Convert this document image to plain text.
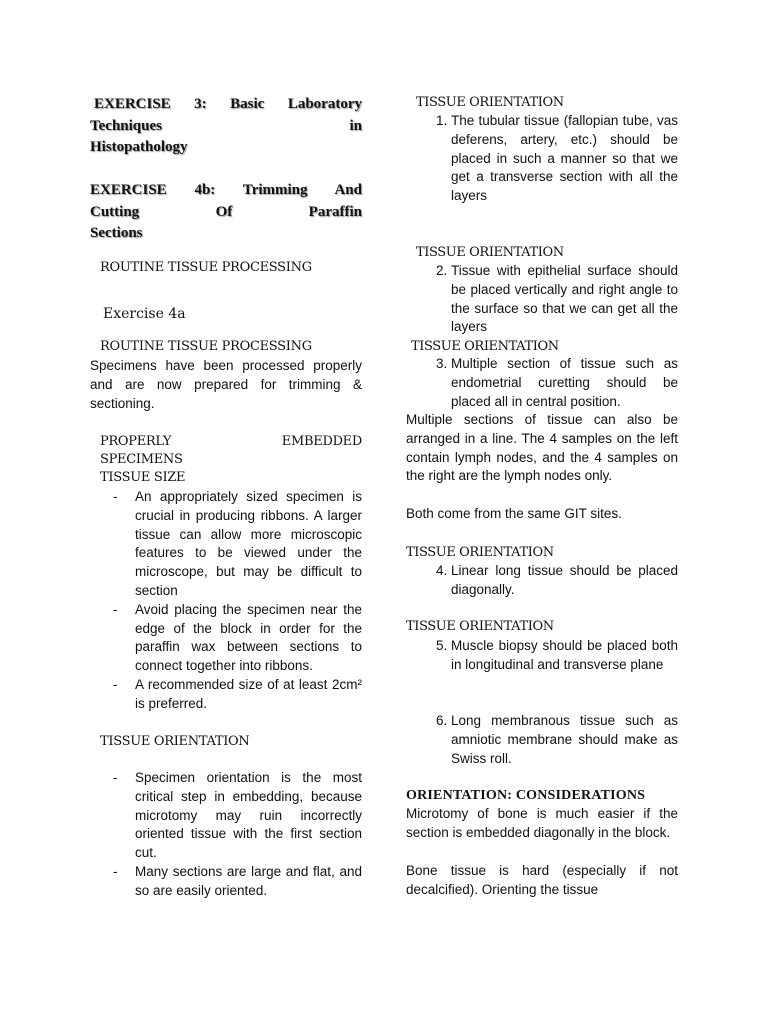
EXERCISE 3: Basic Laboratory
Techniques in
Histopathology
EXERCISE 4b: Trimming And
Cutting Of Paraffin
Sections
ROUTINE TISSUE PROCESSING
Exercise 4a
ROUTINE TISSUE PROCESSING
Specimens have been processed properly and are now prepared for trimming & sectioning.
PROPERLY	EMBEDDED
SPECIMENS
TISSUE SIZE
- An appropriately sized specimen is crucial in producing ribbons. A larger tissue can allow more microscopic features to be viewed under the microscope, but may be difficult to section
- Avoid placing the specimen near the edge of the block in order for the paraffin wax between sections to connect together into ribbons.
- A recommended size of at least 2cm² is preferred.
TISSUE ORIENTATION
- Specimen orientation is the most critical step in embedding, because microtomy may ruin incorrectly oriented tissue with the first section cut.
- Many sections are large and flat, and so are easily oriented.
TISSUE ORIENTATION
1. The tubular tissue (fallopian tube, vas deferens, artery, etc.) should be placed in such a manner so that we get a transverse section with all the layers
TISSUE ORIENTATION
2. Tissue with epithelial surface should be placed vertically and right angle to the surface so that we can get all the layers
TISSUE ORIENTATION
3. Multiple section of tissue such as endometrial curetting should be placed all in central position.
Multiple sections of tissue can also be arranged in a line. The 4 samples on the left contain lymph nodes, and the 4 samples on the right are the lymph nodes only.
Both come from the same GIT sites.
TISSUE ORIENTATION
4. Linear long tissue should be placed diagonally.
TISSUE ORIENTATION
5. Muscle biopsy should be placed both in longitudinal and transverse plane
6. Long membranous tissue such as amniotic membrane should make as Swiss roll.
ORIENTATION: CONSIDERATIONS
Microtomy of bone is much easier if the section is embedded diagonally in the block.
Bone tissue is hard (especially if not decalcified). Orienting the tissue
